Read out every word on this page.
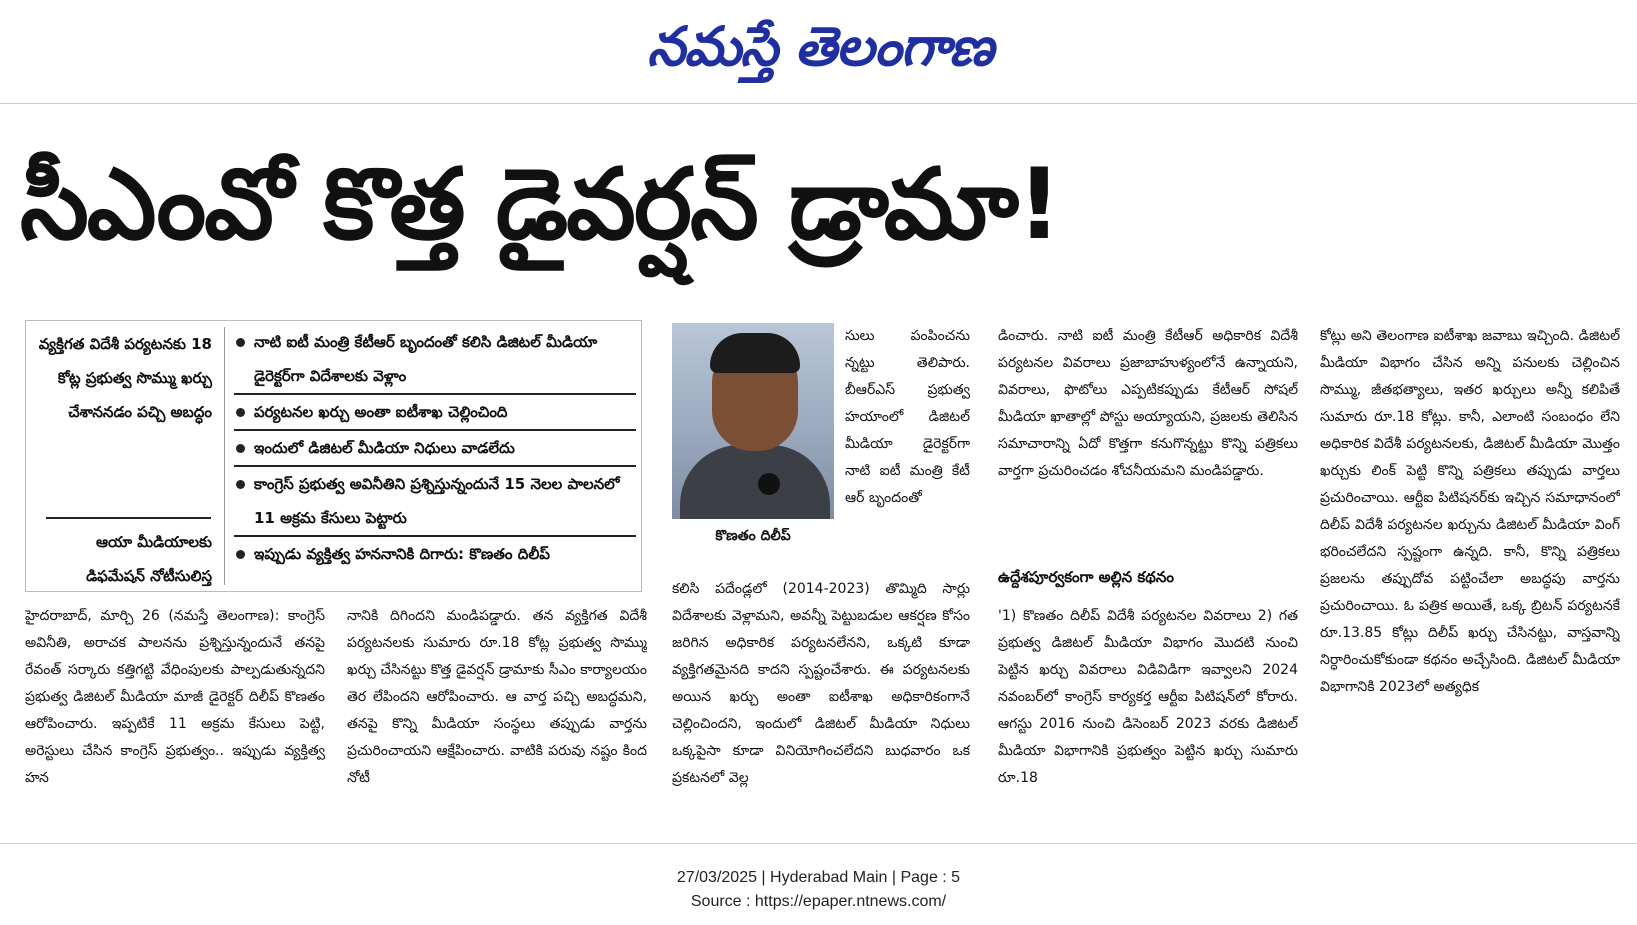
నమస్తే తెలంగాణ
సీఎంవో కొత్త డైవర్షన్ డ్రామా!
వ్యక్తిగత విదేశీ పర్యటనకు 18 కోట్ల ప్రభుత్వ సొమ్ము ఖర్చు చేశాననడం పచ్చి అబద్ధం
ఆయా మీడియాలకు డిఫమేషన్ నోటీసులిస్త
నాటి ఐటీ మంత్రి కేటీఆర్ బృందంతో కలిసి డిజిటల్ మీడియా డైరెక్టర్‌గా విదేశాలకు వెళ్లాం
పర్యటనల ఖర్చు అంతా ఐటీశాఖ చెల్లించింది
ఇందులో డిజిటల్ మీడియా నిధులు వాడలేదు
కాంగ్రెస్ ప్రభుత్వ అవినీతిని ప్రశ్నిస్తున్నందునే 15 నెలల పాలనలో 11 అక్రమ కేసులు పెట్టారు
ఇప్పుడు వ్యక్తిత్వ హననానికి దిగారు: కొణతం దిలీప్
కొణతం దిలీప్
హైదరాబాద్, మార్చి 26 (నమస్తే తెలంగాణ): కాంగ్రెస్ అవినీతి, అరాచక పాలనను ప్రశ్నిస్తున్నందునే తనపై రేవంత్ సర్కారు కత్తిగట్టి వేధింపులకు పాల్పడుతున్నదని ప్రభుత్వ డిజిటల్ మీడియా మాజీ డైరెక్టర్ దిలీప్ కొణతం ఆరోపించారు. ఇప్పటికే 11 అక్రమ కేసులు పెట్టి, అరెస్టులు చేసిన కాంగ్రెస్ ప్రభుత్వం.. ఇప్పుడు వ్యక్తిత్వ హన
నానికి దిగిందని మండిపడ్డారు. తన వ్యక్తిగత విదేశీ పర్యటనలకు సుమారు రూ.18 కోట్ల ప్రభుత్వ సొమ్ము ఖర్చు చేసినట్టు కొత్త డైవర్షన్ డ్రామాకు సీఎం కార్యాలయం తెర లేపిందని ఆరోపించారు. ఆ వార్త పచ్చి అబద్ధమని, తనపై కొన్ని మీడియా సంస్థలు తప్పుడు వార్తను ప్రచురించాయని ఆక్షేపించారు. వాటికి పరువు నష్టం కింద నోటీ
సులు పంపించను న్నట్టు తెలిపారు. బీఆర్ఎస్ ప్రభుత్వ హయాంలో డిజిటల్ మీడియా డైరెక్టర్‌గా నాటి ఐటీ మంత్రి కేటీ ఆర్ బృందంతో
కలిసి పదేండ్లలో (2014-2023) తొమ్మిది సార్లు విదేశాలకు వెళ్లామని, అవన్నీ పెట్టుబడుల ఆకర్షణ కోసం జరిగిన అధికారిక పర్యటనలేనని, ఒక్కటి కూడా వ్యక్తిగతమైనది కాదని స్పష్టంచేశారు. ఈ పర్యటనలకు అయిన ఖర్చు అంతా ఐటీశాఖ అధికారికంగానే చెల్లించిందని, ఇందులో డిజిటల్ మీడియా నిధులు ఒక్కపైసా కూడా వినియోగించలేదని బుధవారం ఒక ప్రకటనలో వెల్ల
డించారు. నాటి ఐటీ మంత్రి కేటీఆర్ అధికారిక విదేశీ పర్యటనల వివరాలు ప్రజాబాహుళ్యంలోనే ఉన్నాయని, వివరాలు, ఫొటోలు ఎప్పటికప్పుడు కేటీఆర్ సోషల్ మీడియా ఖాతాల్లో పోస్టు అయ్యాయని, ప్రజలకు తెలిసిన సమాచారాన్ని ఏదో కొత్తగా కనుగొన్నట్టు కొన్ని పత్రికలు వార్తగా ప్రచురించడం శోచనీయమని మండిపడ్డారు.
ఉద్దేశపూర్వకంగా అల్లిన కథనం
'1) కొణతం దిలీప్ విదేశీ పర్యటనల వివరాలు 2) గత ప్రభుత్వ డిజిటల్ మీడియా విభాగం మొదటి నుంచి పెట్టిన ఖర్చు వివరాలు విడివిడిగా ఇవ్వాలని 2024 నవంబర్‌లో కాంగ్రెస్ కార్యకర్త ఆర్టీఐ పిటిషన్‌లో కోరారు. ఆగస్టు 2016 నుంచి డిసెంబర్ 2023 వరకు డిజిటల్ మీడియా విభాగానికి ప్రభుత్వం పెట్టిన ఖర్చు సుమారు రూ.18
కోట్లు అని తెలంగాణ ఐటీశాఖ జవాబు ఇచ్చింది. డిజిటల్ మీడియా విభాగం చేసిన అన్ని పనులకు చెల్లించిన సొమ్ము, జీతభత్యాలు, ఇతర ఖర్చులు అన్నీ కలిపితే సుమారు రూ.18 కోట్లు. కానీ, ఎలాంటి సంబంధం లేని అధికారిక విదేశీ పర్యటనలకు, డిజిటల్ మీడియా మొత్తం ఖర్చుకు లింక్ పెట్టి కొన్ని పత్రికలు తప్పుడు వార్తలు ప్రచురించాయి. ఆర్టీఐ పిటిషనర్‌కు ఇచ్చిన సమాధానంలో దిలీప్ విదేశీ పర్యటనల ఖర్చును డిజిటల్ మీడియా వింగ్ భరించలేదని స్పష్టంగా ఉన్నది. కానీ, కొన్ని పత్రికలు ప్రజలను తప్పుదోవ పట్టించేలా అబద్ధపు వార్తను ప్రచురించాయి. ఓ పత్రిక అయితే, ఒక్క బ్రిటన్ పర్యటనకే రూ.13.85 కోట్లు దిలీప్ ఖర్చు చేసినట్టు, వాస్తవాన్ని నిర్ధారించుకోకుండా కథనం అచ్చేసింది. డిజిటల్ మీడియా విభాగానికి 2023లో అత్యధిక
27/03/2025 | Hyderabad Main | Page : 5
Source : https://epaper.ntnews.com/
